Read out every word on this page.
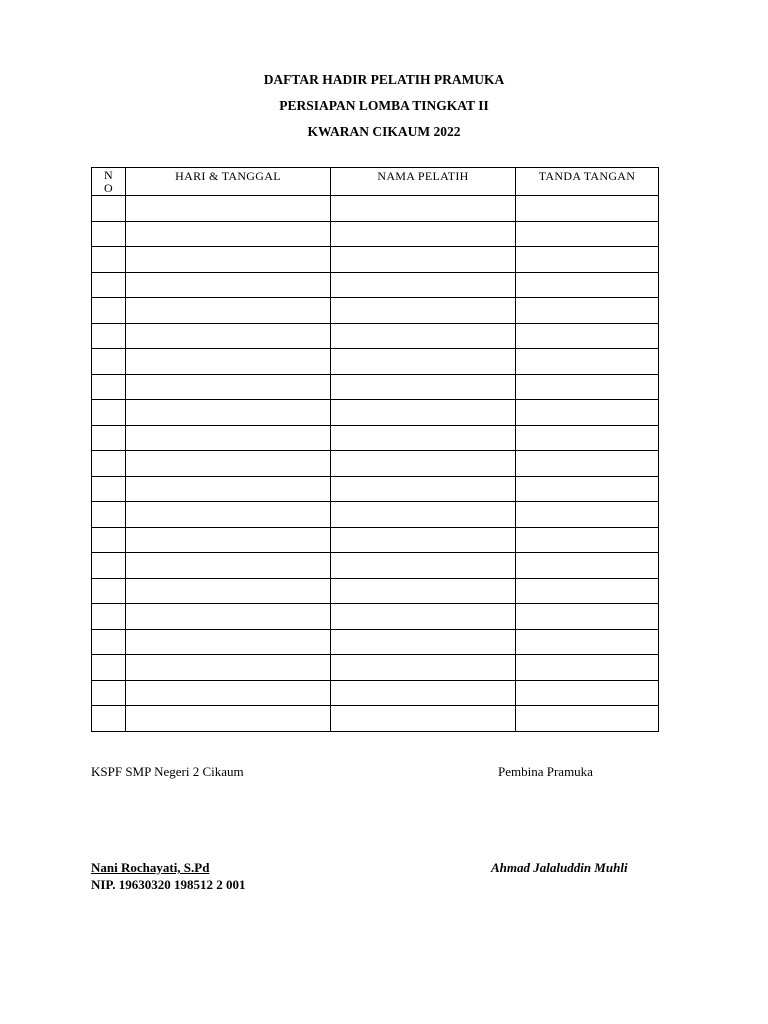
DAFTAR HADIR PELATIH PRAMUKA
PERSIAPAN LOMBA TINGKAT II
KWARAN CIKAUM 2022
N
O	HARI & TANGGAL	NAMA PELATIH	TANDA TANGAN

KSPF SMP Negeri 2 Cikaum	Pembina Pramuka
Nani Rochayati, S.Pd
NIP. 19630320 198512 2 001
Ahmad Jalaluddin Muhli
